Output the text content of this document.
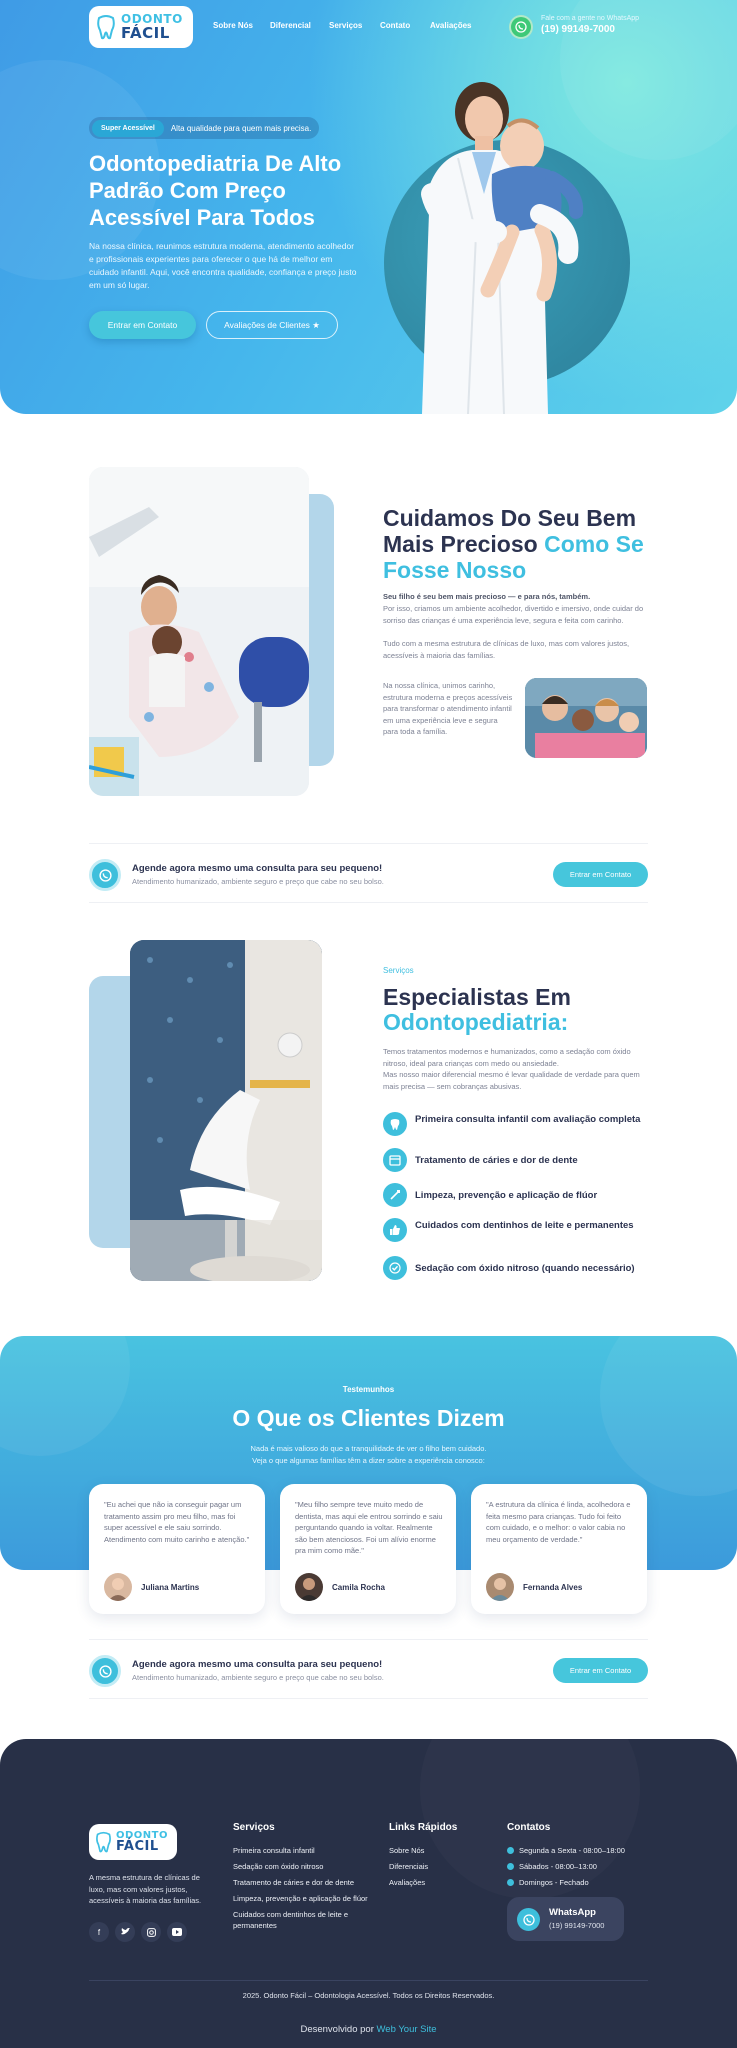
ODONTO
FÁCIL	Sobre Nós Diferencial Serviços Contato Avaliações
Fale com a gente no WhatsApp
(19) 99149-7000
Super Acessível	Alta qualidade para quem mais precisa.
Odontopediatria De Alto Padrão Com Preço Acessível Para Todos

Na nossa clínica, reunimos estrutura moderna, atendimento acolhedor e profissionais experientes para oferecer o que há de melhor em cuidado infantil. Aqui, você encontra qualidade, confiança e preço justo em um só lugar.

Entrar em Contato	Avaliações de Clientes ★
Cuidamos Do Seu Bem Mais Precioso Como Se Fosse Nosso

Seu filho é seu bem mais precioso — e para nós, também.

Por isso, criamos um ambiente acolhedor, divertido e imersivo, onde cuidar do sorriso das crianças é uma experiência leve, segura e feita com carinho.

Tudo com a mesma estrutura de clínicas de luxo, mas com valores justos, acessíveis à maioria das famílias.

Na nossa clínica, unimos carinho, estrutura moderna e preços acessíveis para transformar o atendimento infantil em uma experiência leve e segura para toda a família.

Agende agora mesmo uma consulta para seu pequeno!
Atendimento humanizado, ambiente seguro e preço que cabe no seu bolso.
Entrar em Contato
Serviços
Especialistas Em
Odontopediatria:

Temos tratamentos modernos e humanizados, como a sedação com óxido nitroso, ideal para crianças com medo ou ansiedade.

Mas nosso maior diferencial mesmo é levar qualidade de verdade para quem mais precisa — sem cobranças abusivas.

Primeira consulta infantil com avaliação completa
Tratamento de cáries e dor de dente
Limpeza, prevenção e aplicação de flúor
Cuidados com dentinhos de leite e permanentes
Sedação com óxido nitroso (quando necessário)
Testemunhos
O Que os Clientes Dizem

Nada é mais valioso do que a tranquilidade de ver o filho bem cuidado.
Veja o que algumas famílias têm a dizer sobre a experiência conosco:

"Eu achei que não ia conseguir pagar um tratamento assim pro meu filho, mas foi super acessível e ele saiu sorrindo. Atendimento com muito carinho e atenção."

Juliana Martins

"Meu filho sempre teve muito medo de dentista, mas aqui ele entrou sorrindo e saiu perguntando quando ia voltar. Realmente são bem atenciosos. Foi um alívio enorme pra mim como mãe."

Camila Rocha

"A estrutura da clínica é linda, acolhedora e feita mesmo para crianças. Tudo foi feito com cuidado, e o melhor: o valor cabia no meu orçamento de verdade."

Fernanda Alves
Agende agora mesmo uma consulta para seu pequeno!
Atendimento humanizado, ambiente seguro e preço que cabe no seu bolso.
Entrar em Contato
ODONTO
FÁCIL

A mesma estrutura de clínicas de luxo, mas com valores justos, acessíveis à maioria das famílias.

f
Serviços
Primeira consulta infantil
Sedação com óxido nitroso
Tratamento de cáries e dor de dente
Limpeza, prevenção e aplicação de flúor
Cuidados com dentinhos de leite e permanentes
Links Rápidos
Sobre Nós
Diferenciais
Avaliações
Contatos
Segunda a Sexta - 08:00–18:00
Sábados - 08:00–13:00
Domingos - Fechado
WhatsApp
(19) 99149-7000

2025. Odonto Fácil – Odontologia Acessível. Todos os Direitos Reservados.

Desenvolvido por Web Your Site
